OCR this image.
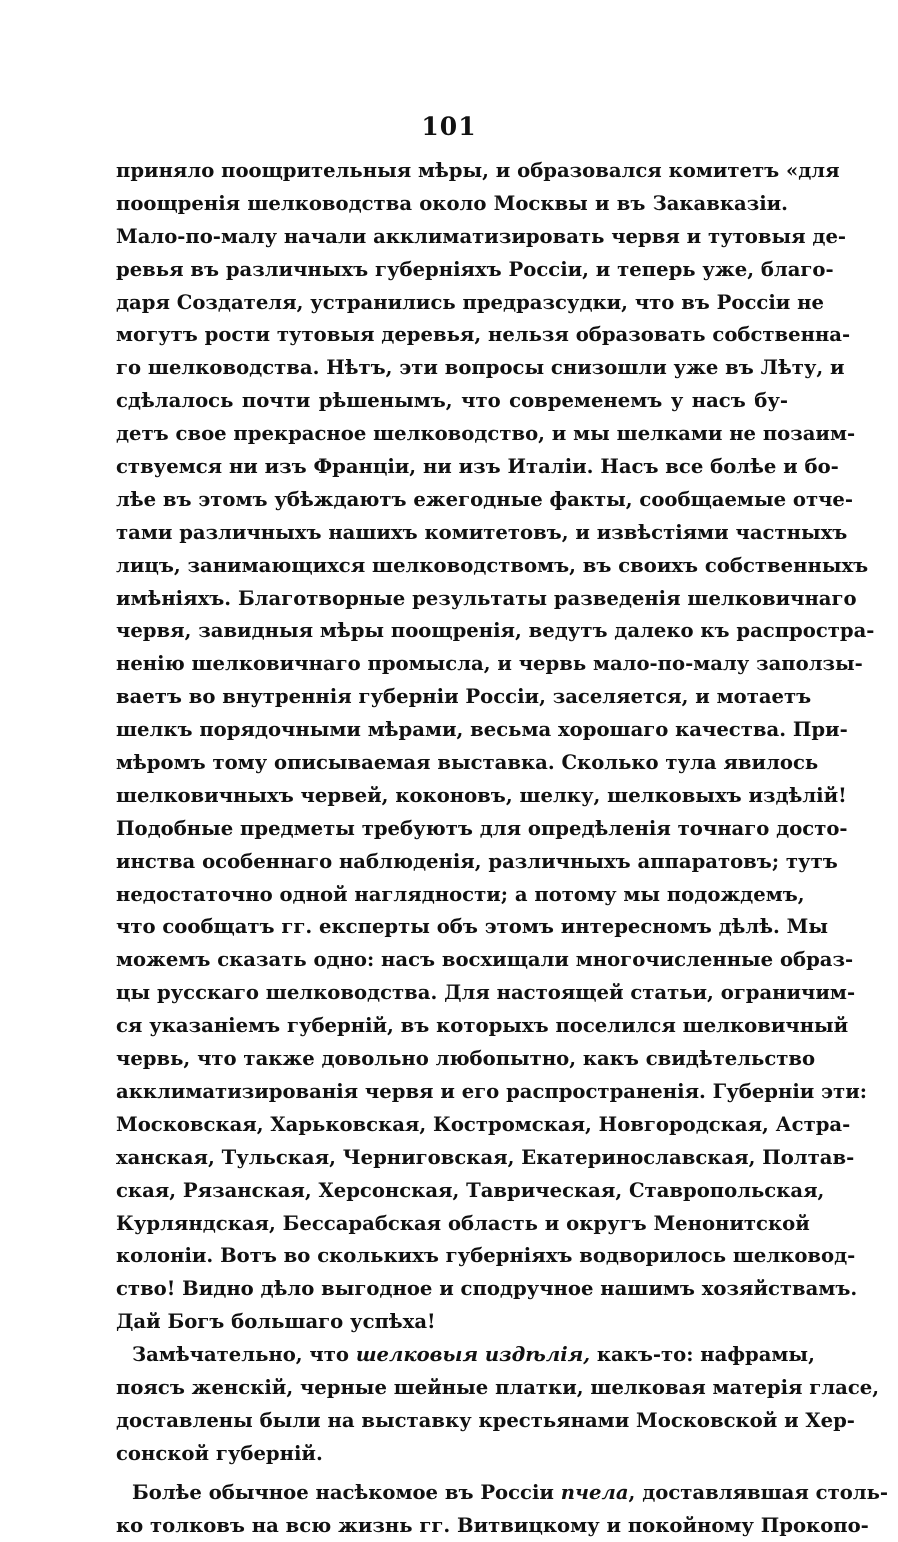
101
приняло поощрительныя мѣры, и образовался комитетъ «для
поощренія шелководства около Москвы и въ Закавказіи.
Мало-по-малу начали акклиматизировать червя и тутовыя де-
ревья въ различныхъ губерніяхъ Россіи, и теперь уже, благо-
даря Создателя, устранились предразсудки, что въ Россіи не
могутъ рости тутовыя деревья, нельзя образовать собственна-
го шелководства. Нѣтъ, эти вопросы снизошли уже въ Лѣту, и
сдѣлалось почти рѣшенымъ, что современемъ у насъ бу-
детъ свое прекрасное шелководство, и мы шелками не позаим-
ствуемся ни изъ Франціи, ни изъ Италіи. Насъ все болѣе и бо-
лѣе въ этомъ убѣждаютъ ежегодные факты, сообщаемые отче-
тами различныхъ нашихъ комитетовъ, и извѣстіями частныхъ
лицъ, занимающихся шелководствомъ, въ своихъ собственныхъ
имѣніяхъ. Благотворные результаты разведенія шелковичнаго
червя, завидныя мѣры поощренія, ведутъ далеко къ распростра-
ненію шелковичнаго промысла, и червь мало-по-малу заползы-
ваетъ во внутреннія губерніи Россіи, заселяется, и мотаетъ
шелкъ порядочными мѣрами, весьма хорошаго качества. При-
мѣромъ тому описываемая выставка. Сколько тула явилось
шелковичныхъ червей, коконовъ, шелку, шелковыхъ издѣлій!
Подобные предметы требуютъ для опредѣленія точнаго досто-
инства особеннаго наблюденія, различныхъ аппаратовъ; тутъ
недостаточно одной наглядности; а потому мы подождемъ,
что сообщатъ гг. експерты объ этомъ интересномъ дѣлѣ. Мы
можемъ сказать одно: насъ восхищали многочисленные образ-
цы русскаго шелководства. Для настоящей статьи, ограничим-
ся указаніемъ губерній, въ которыхъ поселился шелковичный
червь, что также довольно любопытно, какъ свидѣтельство
акклиматизированія червя и его распространенія. Губерніи эти:
Московская, Харьковская, Костромская, Новгородская, Астра-
ханская, Тульская, Черниговская, Екатеринославская, Полтав-
ская, Рязанская, Херсонская, Таврическая, Ставропольская,
Курляндская, Бессарабская область и округъ Менонитской
колоніи. Вотъ во сколькихъ губерніяхъ водворилось шелковод-
ство! Видно дѣло выгодное и сподручное нашимъ хозяйствамъ.
Дай Богъ большаго успѣха!
Замѣчательно, что шелковыя издѣлія, какъ-то: нафрамы,
поясъ женскій, черные шейные платки, шелковая матерія гласе,
доставлены были на выставку крестьянами Московской и Хер-
сонской губерній.
Болѣе обычное насѣкомое въ Россіи пчела, доставлявшая столь-
ко толковъ на всю жизнь гг. Витвицкому и покойному Прокопо-
